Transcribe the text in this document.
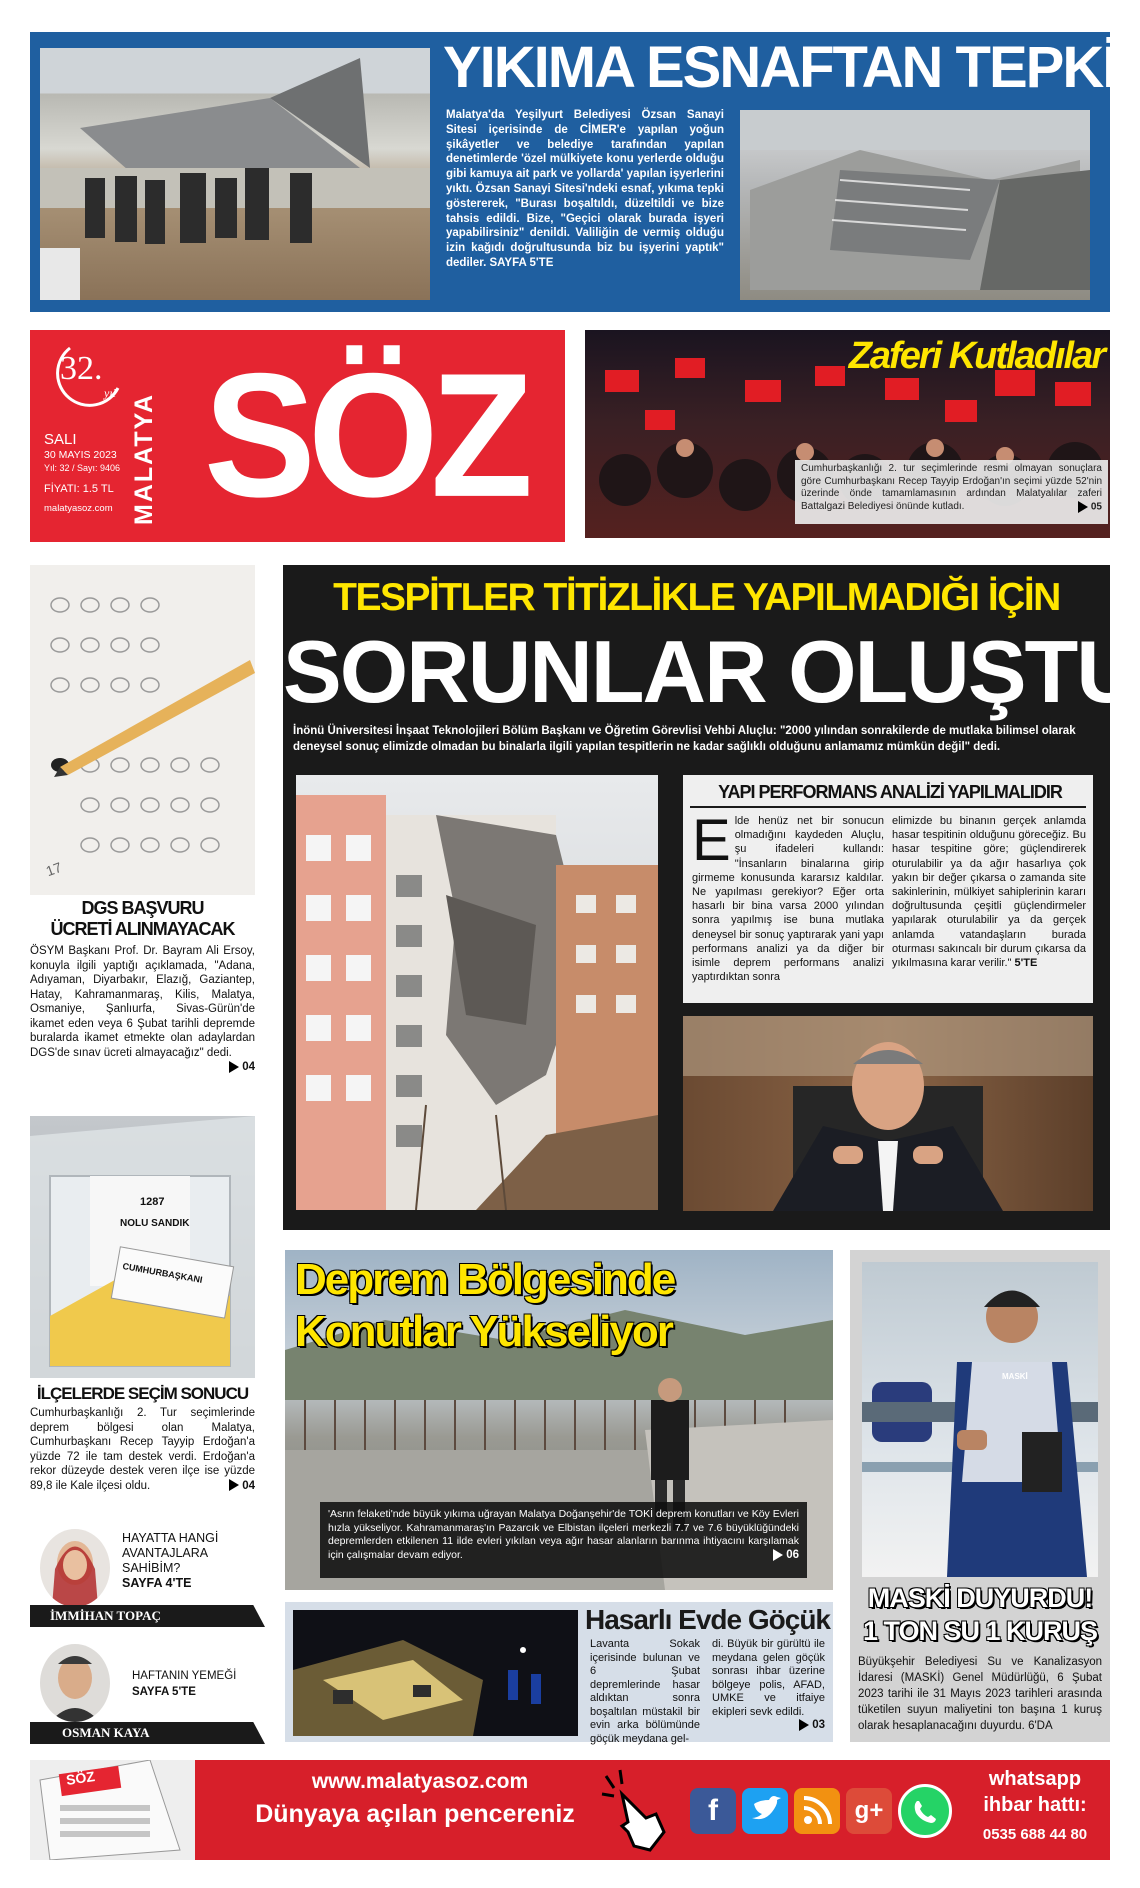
YIKIMA ESNAFTAN TEPKİ
Malatya'da Yeşilyurt Belediyesi Özsan Sanayi Sitesi içerisinde de CİMER'e yapılan yoğun şikâyetler ve belediye tarafından yapılan denetimlerde 'özel mülkiyete konu yerlerde olduğu gibi kamuya ait park ve yollarda' yapılan işyerlerini yıktı. Özsan Sanayi Sitesi'ndeki esnaf, yıkıma tepki göstererek, "Burası boşaltıldı, düzeltildi ve bize tahsis edildi. Bize, "Geçici olarak burada işyeri yapabilirsiniz" denildi. Valiliğin de vermiş olduğu izin kağıdı doğrultusunda biz bu işyerini yaptık" dediler. SAYFA 5'TE
32.
yıl
SALI
30 MAYIS 2023
Yıl: 32 / Sayı: 9406
FİYATI: 1.5 TL
malatyasoz.com MALATYA SÖZ	Zaferi Kutladılar
Cumhurbaşkanlığı 2. tur seçimlerinde resmi olmayan sonuçlara göre Cumhurbaşkanı Recep Tayyip Erdoğan'ın seçimi yüzde 52'nin üzerinde önde tamamlamasının ardından Malatyalılar zaferi Battalgazi Belediyesi önünde kutladı.	05
17
DGS BAŞVURU
ÜCRETİ ALINMAYACAK
ÖSYM Başkanı Prof. Dr. Bayram Ali Ersoy, konuyla ilgili yaptığı açıklamada, "Adana, Adıyaman, Diyarbakır, Elazığ, Gaziantep, Hatay, Kahramanmaraş, Kilis, Malatya, Osmaniye, Şanlıurfa, Sivas-Gürün'de ikamet eden veya 6 Şubat tarihli depremde buralarda ikamet etmekte olan adaylardan DGS'de sınav ücreti almayacağız" dedi.
04
1287
NOLU SANDIK
CUMHURBAŞKANI
İLÇELERDE SEÇİM SONUCU
Cumhurbaşkanlığı 2. Tur seçimlerinde deprem bölgesi olan Malatya, Cumhurbaşkanı Recep Tayyip Erdoğan'a yüzde 72 ile tam destek verdi. Erdoğan'a rekor düzeyde destek veren ilçe ise yüzde 89,8 ile Kale ilçesi oldu.	04
HAYATTA HANGİ
AVANTAJLARA
SAHİBİM?
SAYFA 4'TE
İMMİHAN TOPAÇ
HAFTANIN YEMEĞİ
SAYFA 5'TE
OSMAN KAYA
TESPİTLER TİTİZLİKLE YAPILMADIĞI İÇİN
SORUNLAR OLUŞTU
İnönü Üniversitesi İnşaat Teknolojileri Bölüm Başkanı ve Öğretim Görevlisi Vehbi Aluçlu: "2000 yılından sonrakilerde de mutlaka bilimsel olarak deneysel sonuç elimizde olmadan bu binalarla ilgili yapılan tespitlerin ne kadar sağlıklı olduğunu anlamamız mümkün değil" dedi.
YAPI PERFORMANS ANALİZİ YAPILMALIDIR
E lde henüz net bir sonucun olmadığını kaydeden Aluçlu, şu ifadeleri kullandı: "İnsanların binalarına girip girmeme konusunda kararsız kaldılar. Ne yapılması gerekiyor? Eğer orta hasarlı bir bina varsa 2000 yılından sonra yapılmış ise buna mutlaka deneysel bir sonuç yaptırarak yani yapı performans analizi ya da diğer bir isimle deprem performans analizi yaptırdıktan sonra
elimizde bu binanın gerçek anlamda hasar tespitinin olduğunu göreceğiz. Bu hasar tespitine göre; güçlendirerek oturulabilir ya da ağır hasarlıya çok yakın bir değer çıkarsa o zamanda site sakinlerinin, mülkiyet sahiplerinin kararı doğrultusunda çeşitli güçlendirmeler yapılarak oturulabilir ya da gerçek anlamda vatandaşların burada oturması sakıncalı bir durum çıkarsa da yıkılmasına karar verilir." 5'TE
Deprem Bölgesinde
Konutlar Yükseliyor
'Asrın felaketi'nde büyük yıkıma uğrayan Malatya Doğanşehir'de TOKİ deprem konutları ve Köy Evleri hızla yükseliyor. Kahramanmaraş'ın Pazarcık ve Elbistan ilçeleri merkezli 7.7 ve 7.6 büyüklüğündeki depremlerden etkilenen 11 ilde evleri yıkılan veya ağır hasar alanların barınma ihtiyacını karşılamak için çalışmalar devam ediyor.	06
Hasarlı Evde Göçük
Lavanta Sokak içerisinde bulunan ve 6 Şubat depremlerinde hasar aldıktan sonra boşaltılan müstakil bir evin arka bölümünde göçük meydana gel-
di. Büyük bir gürültü ile meydana gelen göçük sonrası ihbar üzerine bölgeye polis, AFAD, UMKE ve itfaiye ekipleri sevk edildi.
03
MASKİ
MASKİ DUYURDU!
1 TON SU 1 KURUŞ
Büyükşehir Belediyesi Su ve Kanalizasyon İdaresi (MASKİ) Genel Müdürlüğü, 6 Şubat 2023 tarihi ile 31 Mayıs 2023 tarihleri arasında tüketilen suyun maliyetini ton başına 1 kuruş olarak hesaplanacağını duyurdu. 6'DA
SÖZ	www.malatyasoz.com
Dünyaya açılan pencereniz	f	g+
whatsapp
ihbar hattı:
0535 688 44 80
